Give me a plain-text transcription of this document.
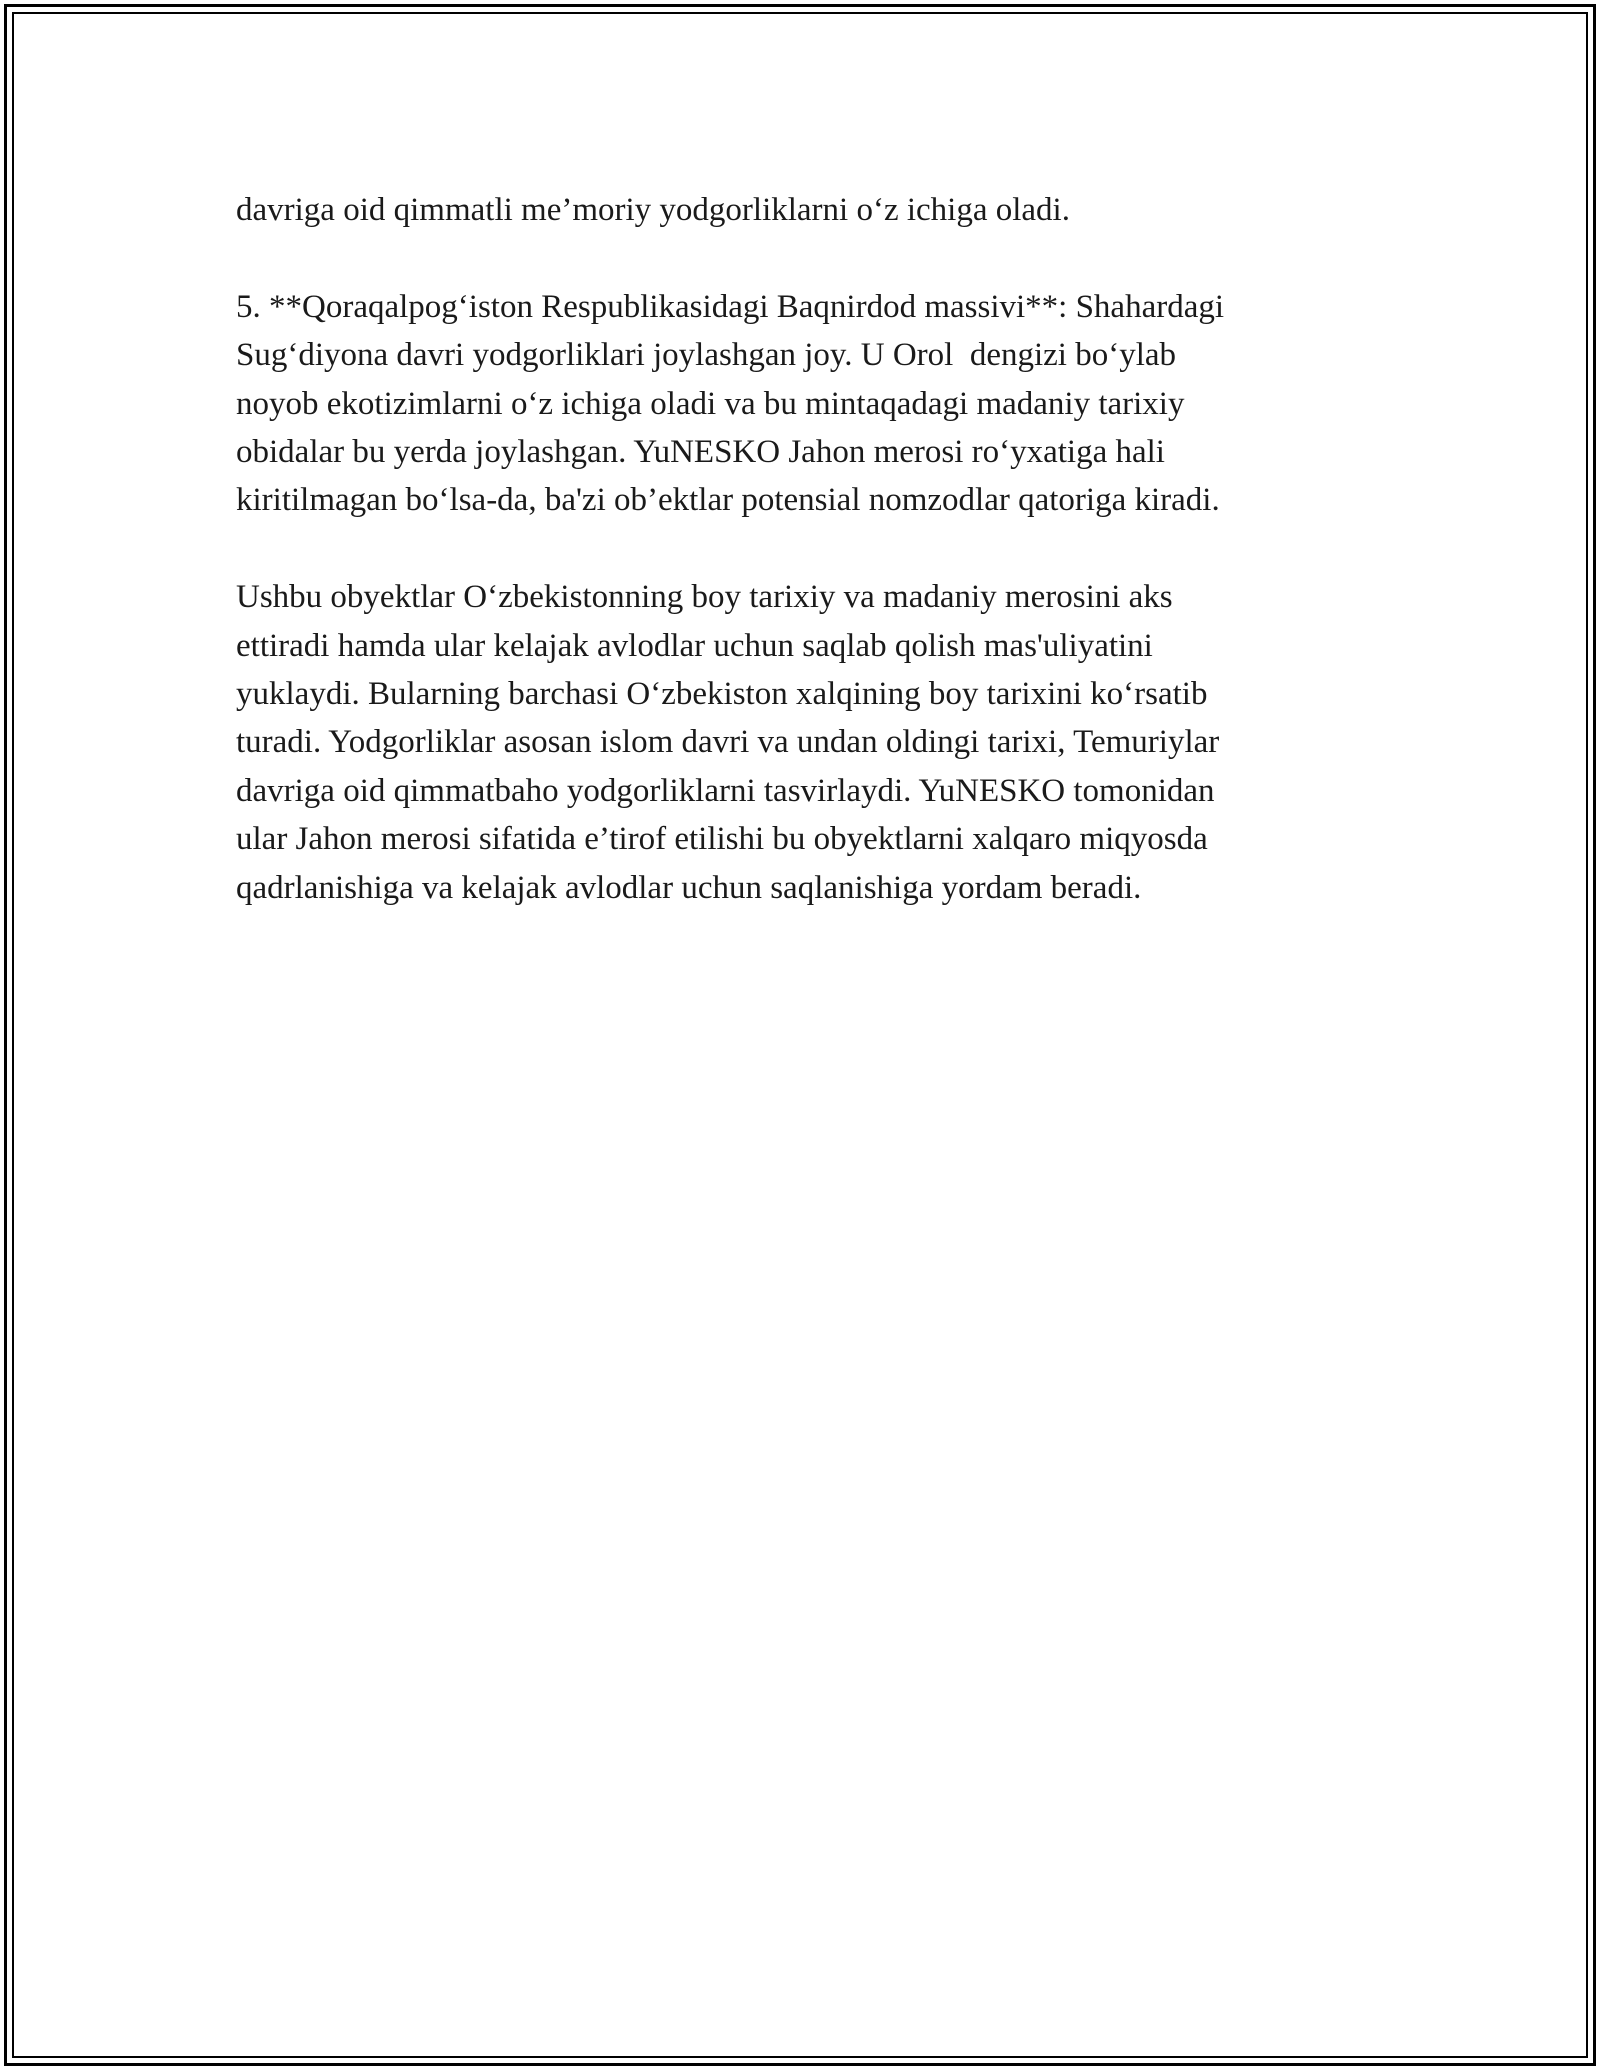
davriga oid qimmatli me’moriy yodgorliklarni o‘z ichiga oladi.

5. **Qoraqalpog‘iston Respublikasidagi Baqnirdod massivi**: Shahardagi
Sug‘diyona davri yodgorliklari joylashgan joy. U Orol  dengizi bo‘ylab
noyob ekotizimlarni o‘z ichiga oladi va bu mintaqadagi madaniy tarixiy
obidalar bu yerda joylashgan. YuNESKO Jahon merosi ro‘yxatiga hali
kiritilmagan bo‘lsa-da, ba'zi ob’ektlar potensial nomzodlar qatoriga kiradi.

Ushbu obyektlar O‘zbekistonning boy tarixiy va madaniy merosini aks
ettiradi hamda ular kelajak avlodlar uchun saqlab qolish mas'uliyatini
yuklaydi. Bularning barchasi O‘zbekiston xalqining boy tarixini ko‘rsatib
turadi. Yodgorliklar asosan islom davri va undan oldingi tarixi, Temuriylar
davriga oid qimmatbaho yodgorliklarni tasvirlaydi. YuNESKO tomonidan
ular Jahon merosi sifatida e’tirof etilishi bu obyektlarni xalqaro miqyosda
qadrlanishiga va kelajak avlodlar uchun saqlanishiga yordam beradi.
